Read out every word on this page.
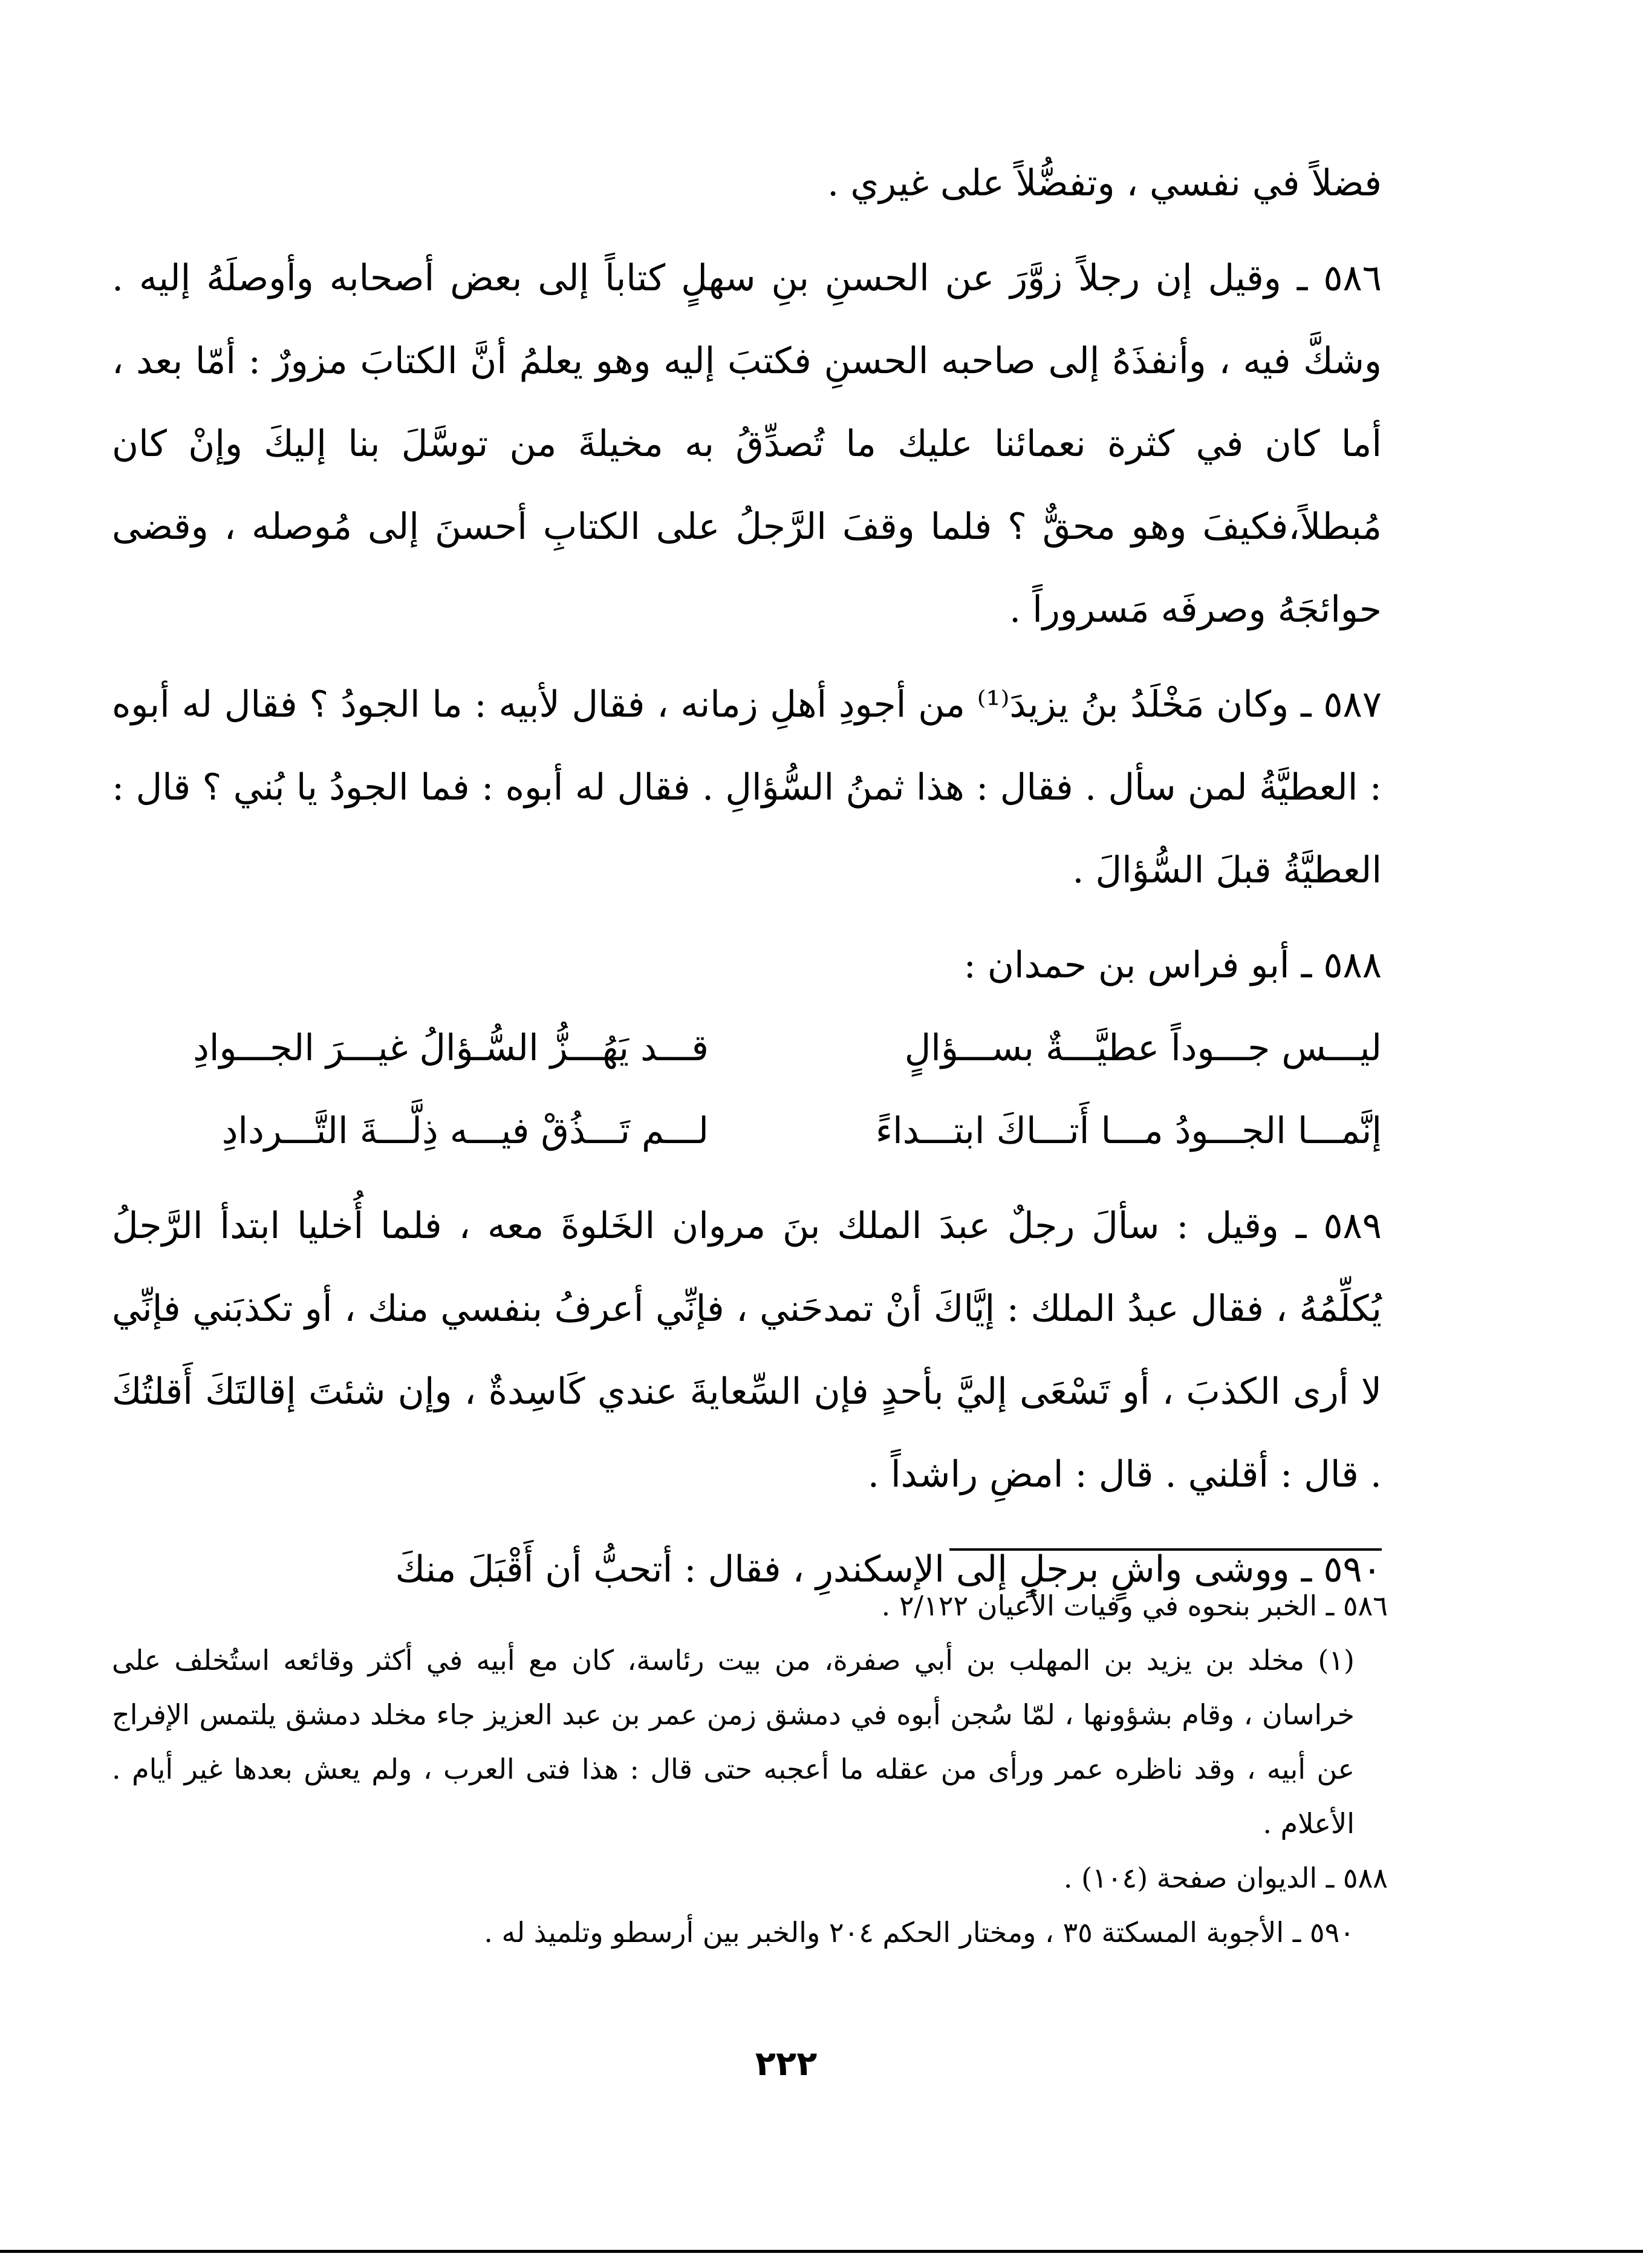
فضلاً في نفسي ، وتفضُّلاً على غيري .

٥٨٦ ـ وقيل إن رجلاً زوَّرَ عن الحسنِ بنِ سهلٍ كتاباً إلى بعض أصحابه وأوصلَهُ إليه . وشكَّ فيه ، وأنفذَهُ إلى صاحبه الحسنِ فكتبَ إليه وهو يعلمُ أنَّ الكتابَ مزورٌ : أمّا بعد ، أما كان في كثرة نعمائنا عليك ما تُصدِّقُ به مخيلةَ من توسَّلَ بنا إليكَ وإنْ كان مُبطلاً،فكيفَ وهو محقٌّ ؟ فلما وقفَ الرَّجلُ على الكتابِ أحسنَ إلى مُوصله ، وقضى حوائجَهُ وصرفَه مَسروراً .

٥٨٧ ـ وكان مَخْلَدُ بنُ يزيدَ⁽¹⁾ من أجودِ أهلِ زمانه ، فقال لأبيه : ما الجودُ ؟ فقال له أبوه : العطيَّةُ لمن سأل . فقال : هذا ثمنُ السُّؤالِ . فقال له أبوه : فما الجودُ يا بُني ؟ قال : العطيَّةُ قبلَ السُّؤالَ .

٥٨٨ ـ أبو فراس بن حمدان :

ليـــس جـــوداً عطيَّـــةٌ بســـؤالٍ
قـــد يَهُـــزُّ السُّـؤالُ غيـــرَ الجـــوادِ
إنَّمـــا الجـــودُ مـــا أَتـــاكَ ابتـــداءً
لـــم تَـــذُقْ فيـــه ذِلَّـــةَ التَّـــردادِ

٥٨٩ ـ وقيل : سألَ رجلٌ عبدَ الملك بنَ مروان الخَلوةَ معه ، فلما أُخليا ابتدأ الرَّجلُ يُكلِّمُهُ ، فقال عبدُ الملك : إيَّاكَ أنْ تمدحَني ، فإنِّي أعرفُ بنفسي منك ، أو تكذبَني فإنِّي لا أرى الكذبَ ، أو تَسْعَى إليَّ بأحدٍ فإن السِّعايةَ عندي كَاسِدةٌ ، وإن شئتَ إقالتَكَ أَقلتُكَ . قال : أقلني . قال : امضِ راشداً .

٥٩٠ ـ ووشى واشٍ برجلٍ إلى الإسكندرِ ، فقال : أتحبُّ أن أَقْبَلَ منكَ

٥٨٦ ـ الخبر بنحوه في وفيات الأعيان ٢/١٢٢ .

(١) مخلد بن يزيد بن المهلب بن أبي صفرة، من بيت رئاسة، كان مع أبيه في أكثر وقائعه استُخلف على خراسان ، وقام بشؤونها ، لمّا سُجن أبوه في دمشق زمن عمر بن عبد العزيز جاء مخلد دمشق يلتمس الإفراج عن أبيه ، وقد ناظره عمر ورأى من عقله ما أعجبه حتى قال : هذا فتى العرب ، ولم يعش بعدها غير أيام . الأعلام .

٥٨٨ ـ الديوان صفحة (١٠٤) .

٥٩٠ ـ الأجوبة المسكتة ٣٥ ، ومختار الحكم ٢٠٤ والخبر بين أرسطو وتلميذ له .

٢٢٢
